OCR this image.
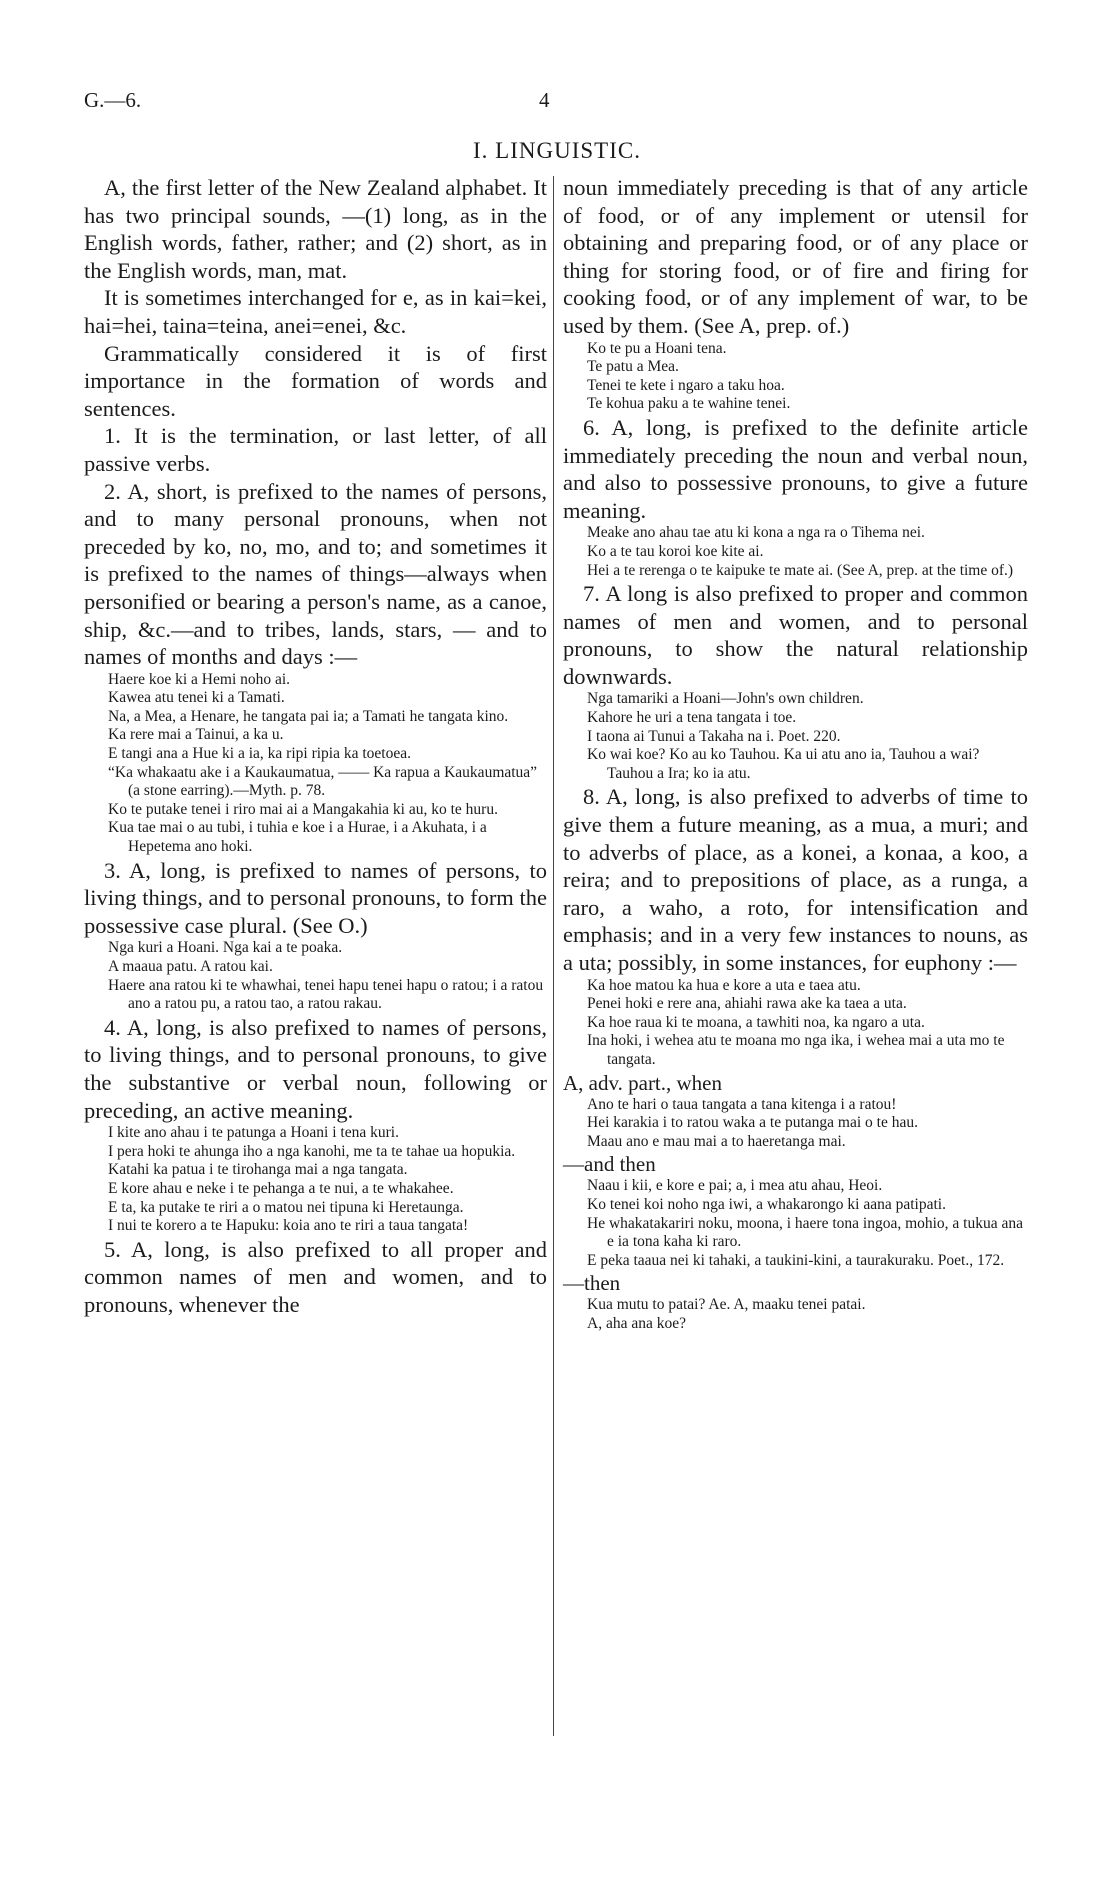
G.—6.	4
I. LINGUISTIC.

A, the first letter of the New Zealand alphabet. It has two principal sounds, —(1) long, as in the English words, father, rather; and (2) short, as in the English words, man, mat.

It is sometimes interchanged for e, as in kai=kei, hai=hei, taina=teina, anei=enei, &c.

Grammatically considered it is of first importance in the formation of words and sentences.

1. It is the termination, or last letter, of all passive verbs.

2. A, short, is prefixed to the names of persons, and to many personal pronouns, when not preceded by ko, no, mo, and to; and sometimes it is prefixed to the names of things—always when personified or bearing a person's name, as a canoe, ship, &c.—and to tribes, lands, stars, — and to names of months and days :—

Haere koe ki a Hemi noho ai.

Kawea atu tenei ki a Tamati.

Na, a Mea, a Henare, he tangata pai ia; a Tamati he tangata kino.

Ka rere mai a Tainui, a ka u.

E tangi ana a Hue ki a ia, ka ripi ripia ka toetoea.

“Ka whakaatu ake i a Kaukaumatua, —— Ka rapua a Kaukaumatua” (a stone earring).—Myth. p. 78.

Ko te putake tenei i riro mai ai a Mangakahia ki au, ko te huru.

Kua tae mai o au tubi, i tuhia e koe i a Hurae, i a Akuhata, i a Hepetema ano hoki.

3. A, long, is prefixed to names of persons, to living things, and to personal pronouns, to form the possessive case plural. (See O.)

Nga kuri a Hoani. Nga kai a te poaka.

A maaua patu. A ratou kai.

Haere ana ratou ki te whawhai, tenei hapu tenei hapu o ratou; i a ratou ano a ratou pu, a ratou tao, a ratou rakau.

4. A, long, is also prefixed to names of persons, to living things, and to personal pronouns, to give the substantive or verbal noun, following or preceding, an active meaning.

I kite ano ahau i te patunga a Hoani i tena kuri.

I pera hoki te ahunga iho a nga kanohi, me ta te tahae ua hopukia.

Katahi ka patua i te tirohanga mai a nga tangata.

E kore ahau e neke i te pehanga a te nui, a te whakahee.

E ta, ka putake te riri a o matou nei tipuna ki Heretaunga.

I nui te korero a te Hapuku: koia ano te riri a taua tangata!

5. A, long, is also prefixed to all proper and common names of men and women, and to pronouns, whenever the

noun immediately preceding is that of any article of food, or of any implement or utensil for obtaining and preparing food, or of any place or thing for storing food, or of fire and firing for cooking food, or of any implement of war, to be used by them. (See A, prep. of.)

Ko te pu a Hoani tena.

Te patu a Mea.

Tenei te kete i ngaro a taku hoa.

Te kohua paku a te wahine tenei.

6. A, long, is prefixed to the definite article immediately preceding the noun and verbal noun, and also to possessive pronouns, to give a future meaning.

Meake ano ahau tae atu ki kona a nga ra o Tihema nei.

Ko a te tau koroi koe kite ai.

Hei a te rerenga o te kaipuke te mate ai. (See A, prep. at the time of.)

7. A long is also prefixed to proper and common names of men and women, and to personal pronouns, to show the natural relationship downwards.

Nga tamariki a Hoani—John's own children.

Kahore he uri a tena tangata i toe.

I taona ai Tunui a Takaha na i. Poet. 220.

Ko wai koe? Ko au ko Tauhou. Ka ui atu ano ia, Tauhou a wai? Tauhou a Ira; ko ia atu.

8. A, long, is also prefixed to adverbs of time to give them a future meaning, as a mua, a muri; and to adverbs of place, as a konei, a konaa, a koo, a reira; and to prepositions of place, as a runga, a raro, a waho, a roto, for intensification and emphasis; and in a very few instances to nouns, as a uta; possibly, in some instances, for euphony :—

Ka hoe matou ka hua e kore a uta e taea atu.

Penei hoki e rere ana, ahiahi rawa ake ka taea a uta.

Ka hoe raua ki te moana, a tawhiti noa, ka ngaro a uta.

Ina hoki, i wehea atu te moana mo nga ika, i wehea mai a uta mo te tangata.

A, adv. part., when

Ano te hari o taua tangata a tana kitenga i a ratou!

Hei karakia i to ratou waka a te putanga mai o te hau.

Maau ano e mau mai a to haeretanga mai.

—and then

Naau i kii, e kore e pai; a, i mea atu ahau, Heoi.

Ko tenei koi noho nga iwi, a whakarongo ki aana patipati.

He whakatakariri noku, moona, i haere tona ingoa, mohio, a tukua ana e ia tona kaha ki raro.

E peka taaua nei ki tahaki, a taukini-kini, a taurakuraku. Poet., 172.

—then

Kua mutu to patai? Ae. A, maaku tenei patai.

A, aha ana koe?
